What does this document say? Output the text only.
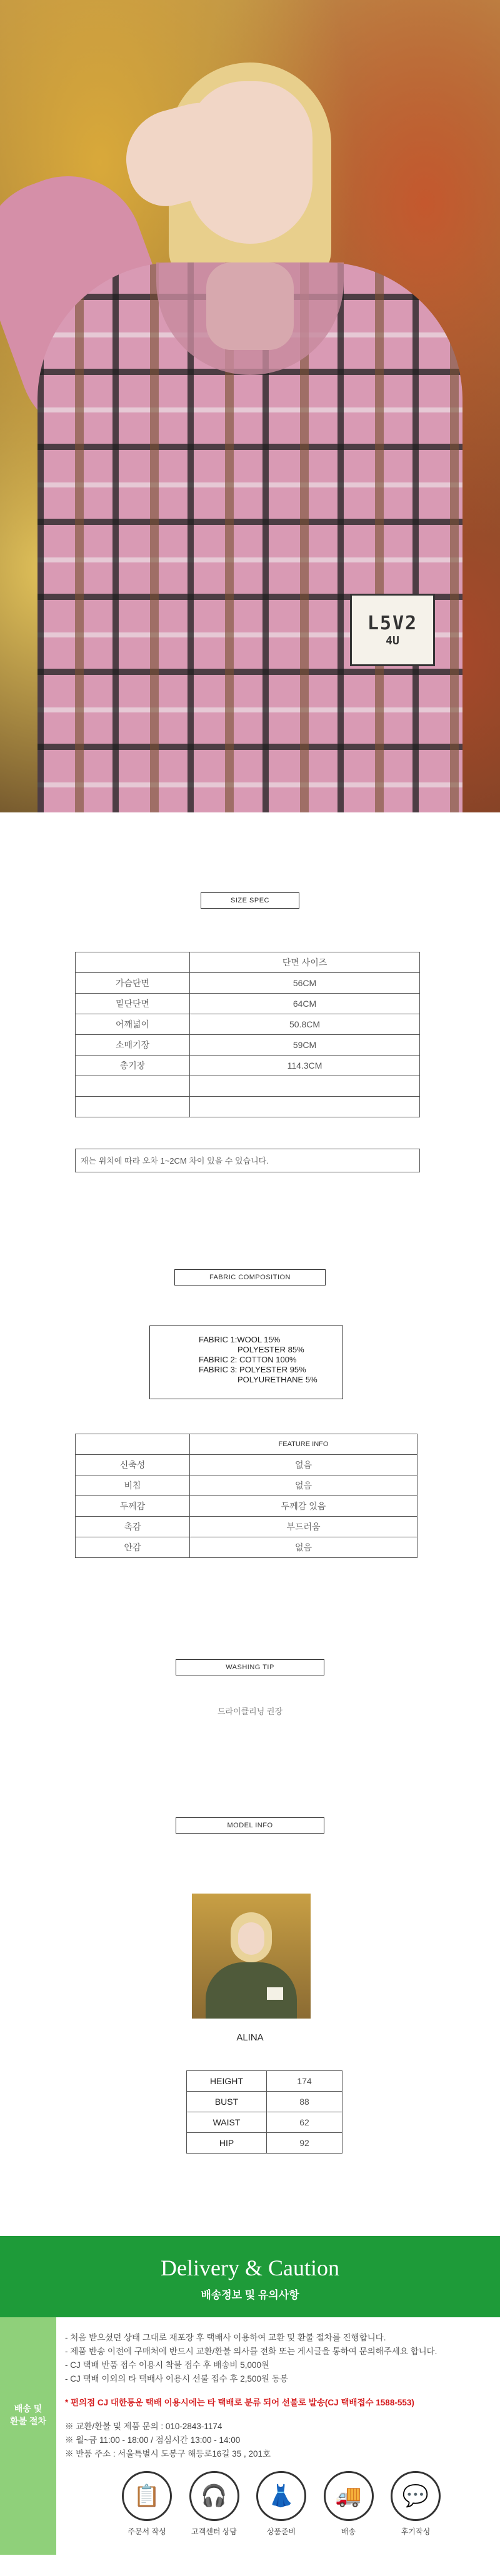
L5V2
4U
SIZE SPEC
	단면 사이즈
가슴단면	56CM
밑단단면	64CM
어깨넓이	50.8CM
소매기장	59CM
총기장	114.3CM

재는 위치에 따라 오차 1~2CM 차이 있을 수 있습니다.
FABRIC COMPOSITION
FABRIC 1:WOOL 15%
POLYESTER 85%
FABRIC 2: COTTON 100%
FABRIC 3: POLYESTER 95%
POLYURETHANE 5%
	FEATURE INFO
신축성	없음
비침	없음
두께감	두께감 있음
촉감	부드러움
안감	없음
WASHING TIP
드라이클리닝 권장
MODEL INFO
ALINA
HEIGHT	174
BUST	88
WAIST	62
HIP	92
Delivery & Caution
배송정보 및 유의사항
배송 및
환불 절차
- 처음 받으셨던 상태 그대로 재포장 후 택배사 이용하여 교환 및 환불 절차를 진행합니다.
- 제품 반송 이전에 구매처에 반드시 교환/환불 의사를 전화 또는 게시글을 통하여 문의해주세요 합니다.
- CJ 택배 반품 접수 이용시 착불 접수 후 배송비 5,000원
- CJ 택배 이외의 타 택배사 이용시 선불 접수 후 2,500원 동봉
* 편의점 CJ 대한통운 택배 이용시에는 타 택배로 분류 되어 선불로 발송(CJ 택배접수 1588-553)
※ 교환/환불 및 제품 문의 : 010-2843-1174
※ 월~금 11:00 - 18:00 / 점심시간 13:00 - 14:00
※ 반품 주소 : 서울특별시 도봉구 해등로16길 35 , 201호
📋
주문서 작성
🎧
고객센터 상담
👗
상품준비
🚚
배송
💬
후기작성
